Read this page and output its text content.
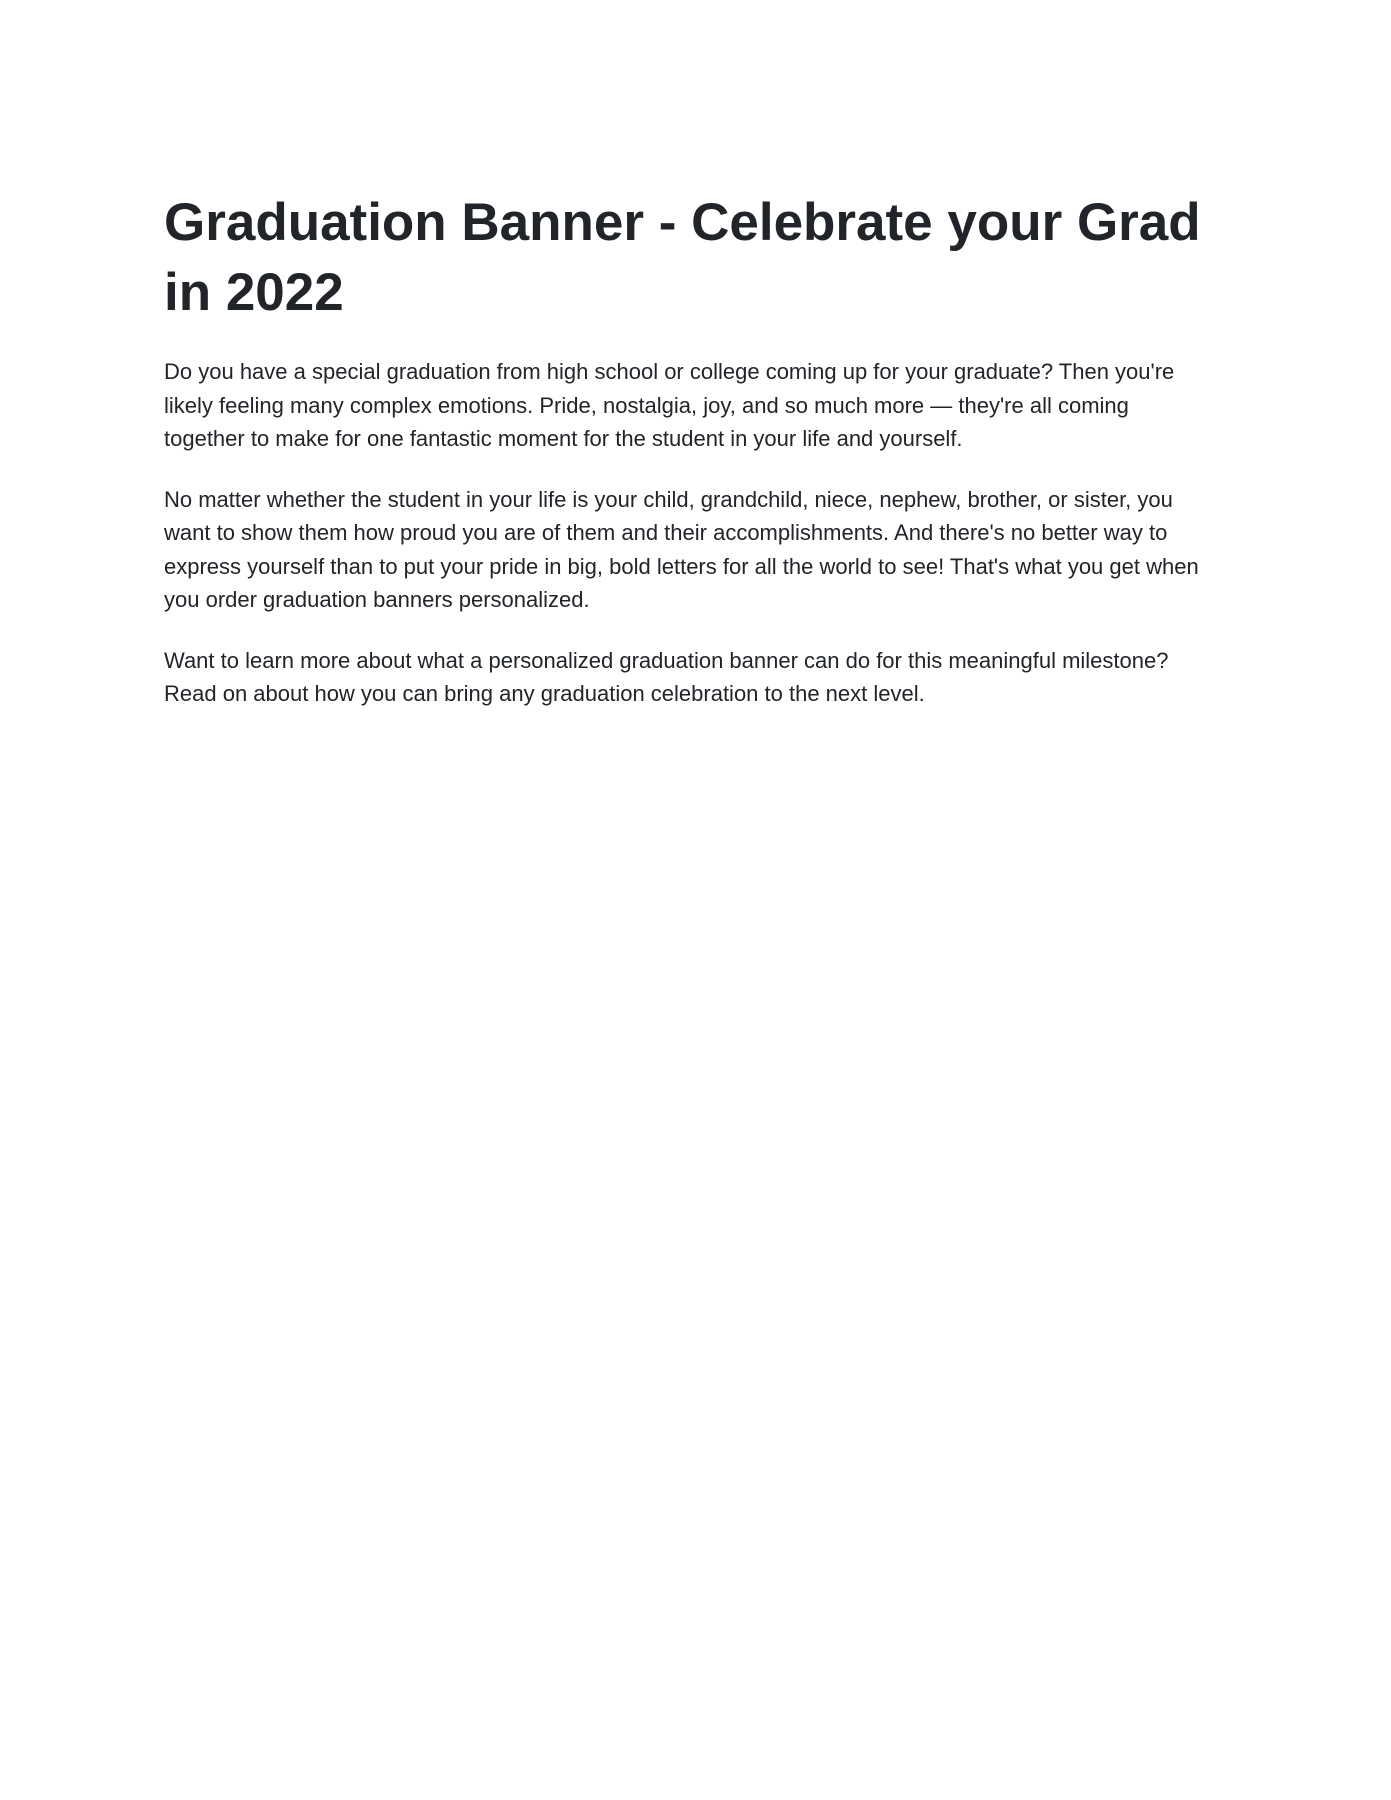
Graduation Banner - Celebrate your Grad in 2022

Do you have a special graduation from high school or college coming up for your graduate? Then you're likely feeling many complex emotions. Pride, nostalgia, joy, and so much more — they're all coming together to make for one fantastic moment for the student in your life and yourself.

No matter whether the student in your life is your child, grandchild, niece, nephew, brother, or sister, you want to show them how proud you are of them and their accomplishments. And there's no better way to express yourself than to put your pride in big, bold letters for all the world to see! That's what you get when you order graduation banners personalized.

Want to learn more about what a personalized graduation banner can do for this meaningful milestone? Read on about how you can bring any graduation celebration to the next level.
